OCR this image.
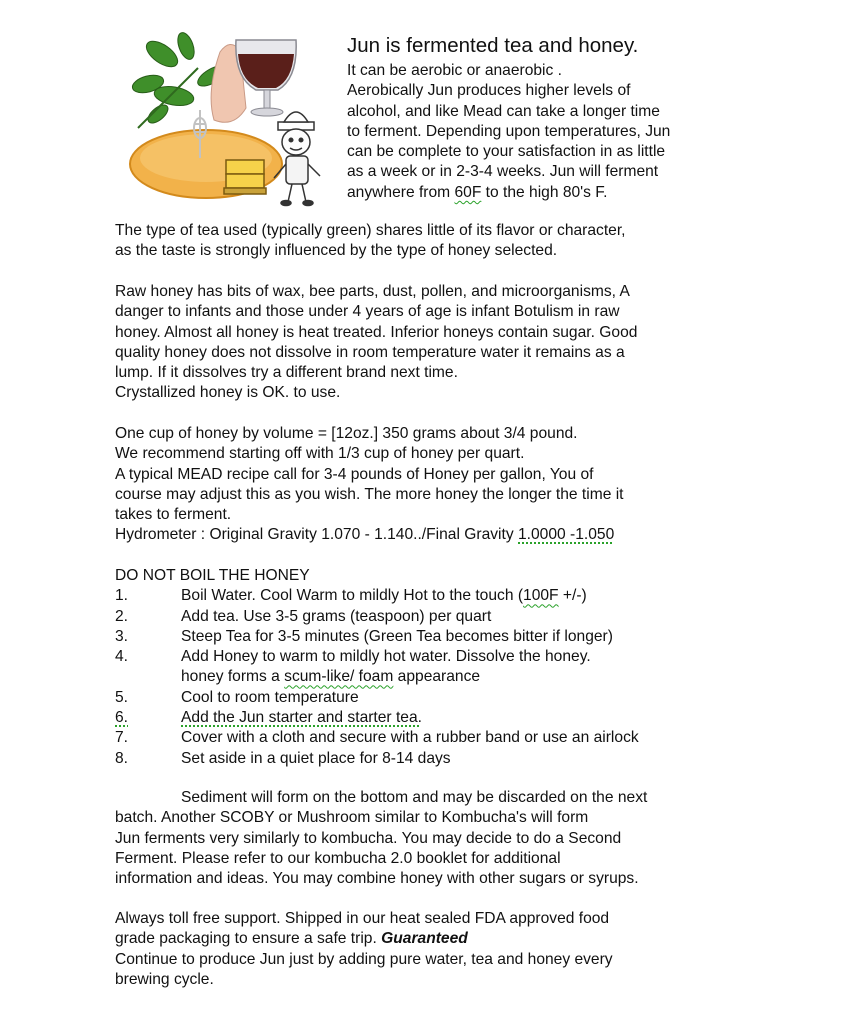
Jun is fermented tea and honey.
It can be aerobic or anaerobic .
Aerobically Jun produces higher levels of
alcohol, and like Mead can take a longer time
to ferment. Depending upon temperatures, Jun
can be complete to your satisfaction in as little
as a week or in 2-3-4 weeks. Jun will ferment
anywhere from 60F to the high 80's F.
The type of tea used (typically green) shares little of its flavor or character,
as the taste is strongly influenced by the type of honey selected.
Raw honey has bits of wax, bee parts, dust, pollen, and microorganisms, A
danger to infants and those under 4 years of age is infant Botulism in raw
honey. Almost all honey is heat treated. Inferior honeys contain sugar. Good
quality honey does not dissolve in room temperature water it remains as a
lump. If it dissolves try a different brand next time.
Crystallized honey is OK. to use.
One cup of honey by volume = [12oz.] 350 grams about 3/4 pound.
We recommend starting off with 1/3 cup of honey per quart.
A typical MEAD recipe call for 3-4 pounds of Honey per gallon, You of
course may adjust this as you wish. The more honey the longer the time it
takes to ferment.
Hydrometer : Original Gravity 1.070 - 1.140../Final Gravity 1.0000 -1.050
DO NOT BOIL THE HONEY
1.	Boil Water. Cool Warm to mildly Hot to the touch (100F +/-)
2.	Add tea. Use 3-5 grams (teaspoon) per quart
3.	Steep Tea for 3-5 minutes (Green Tea becomes bitter if longer)
4.	Add Honey to warm to mildly hot water. Dissolve the honey.
honey forms a scum-like/ foam appearance
5.	Cool to room temperature
6.	Add the Jun starter and starter tea.
7.	Cover with a cloth and secure with a rubber band or use an airlock
8.	Set aside in a quiet place for 8-14 days
Sediment will form on the bottom and may be discarded on the next
batch. Another SCOBY or Mushroom similar to Kombucha's will form
Jun ferments very similarly to kombucha. You may decide to do a Second
Ferment. Please refer to our kombucha 2.0 booklet for additional
information and ideas. You may combine honey with other sugars or syrups.
Always toll free support. Shipped in our heat sealed FDA approved food
grade packaging to ensure a safe trip. Guaranteed
Continue to produce Jun just by adding pure water, tea and honey every
brewing cycle.
